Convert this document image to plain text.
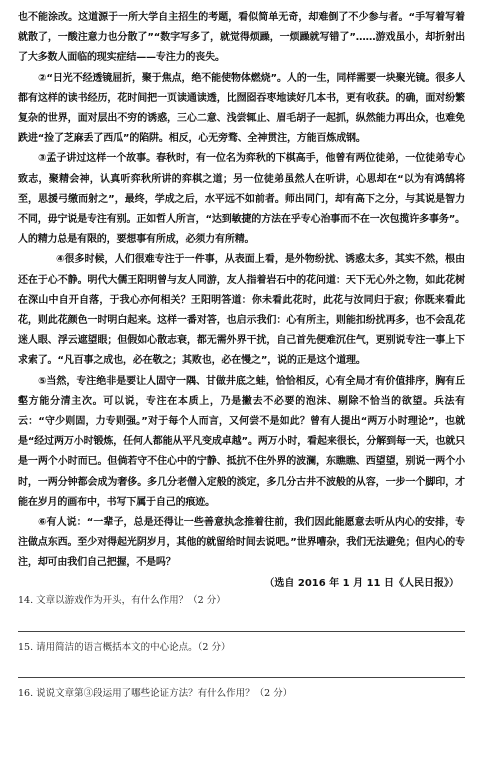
也不能涂改。这道源于一所大学自主招生的考题，看似简单无奇，却难倒了不少参与者。“手写着写着就散了，一酸注意力也分散了”“数字写多了，就觉得烦躁，一烦躁就写错了”……游戏虽小，却折射出了大多数人面临的现实症结——专注力的丧失。

②“日光不经透镜屈折，聚于焦点，绝不能使物体燃烧”。人的一生，同样需要一块聚光镜。很多人都有这样的读书经历，花时间把一页读通读透，比囫囵吞枣地读好几本书，更有收获。的确，面对纷繁复杂的世界，面对层出不穷的诱惑，三心二意、浅尝辄止、眉毛胡子一起抓，纵然能力再出众，也难免跌进“捡了芝麻丢了西瓜”的陷阱。相反，心无旁骛、全神贯注，方能百炼成钢。

③孟子讲过这样一个故事。春秋时，有一位名为弈秋的下棋高手，他曾有两位徒弟，一位徒弟专心致志，聚精会神，认真听弈秋所讲的弈棋之道；另一位徒弟虽然人在听讲，心思却在“以为有鸿鹄将至，思援弓缴而射之”，最终，学成之后，水平远不如前者。师出同门，却有高下之分，与其说是智力不同，毋宁说是专注有别。正如哲人所言，“达到敏捷的方法在乎专心治事而不在一次包揽许多事务”。人的精力总是有限的，要想事有所成，必须力有所精。

④很多时候，人们很难专注于一件事，从表面上看，是外物纷扰、诱惑太多，其实不然，根由还在于心不静。明代大儒王阳明曾与友人同游，友人指着岩石中的花问道：天下无心外之物，如此花树在深山中自开自落，于我心亦何相关？王阳明答道：你未看此花时，此花与汝同归于寂；你既来看此花，则此花颜色一时明白起来。这样一番对答，也启示我们：心有所主，则能扣纷扰再多，也不会乱花迷人眼、浮云遮望眼；但假如心散志衰，都无需外界干扰，自己首先便难沉住气，更别说专注一事上下求索了。“凡百事之成也，必在敬之；其败也，必在慢之”，说的正是这个道理。

⑤当然，专注绝非是要让人固守一隅、甘做井底之蛙，恰恰相反，心有全局才有价值排序，胸有丘壑方能分清主次。可以说，专注在本质上，乃是撇去不必要的泡沫、剔除不恰当的欲望。兵法有云：“守少则固，力专则强。”对于每个人而言，又何尝不是如此？曾有人提出“两万小时理论”，也就是“经过两万小时锻炼，任何人都能从平凡变成卓越”。两万小时，看起来很长，分解到每一天，也就只是一两个小时而已。但倘若守不住心中的宁静、抵抗不住外界的波澜，东瞧瞧、西望望，别说一两个小时，一两分钟都会成为奢侈。多几分老僧入定般的淡定，多几分古井不波般的从容，一步一个脚印，才能在岁月的画布中，书写下属于自己的痕迹。

⑥有人说：“一辈子，总是还得让一些善意执念推着往前，我们因此能愿意去听从内心的安排，专注做点东西。至少对得起光阴岁月，其他的就留给时间去说吧。”世界嘈杂，我们无法避免；但内心的专注，却可由我们自己把握，不是吗？

（选自 2016 年 1 月 11 日《人民日报》）

14. 文章以游戏作为开头，有什么作用？（2 分）

15. 请用简洁的语言概括本文的中心论点。（2 分）

16. 说说文章第③段运用了哪些论证方法？有什么作用？（2 分）
